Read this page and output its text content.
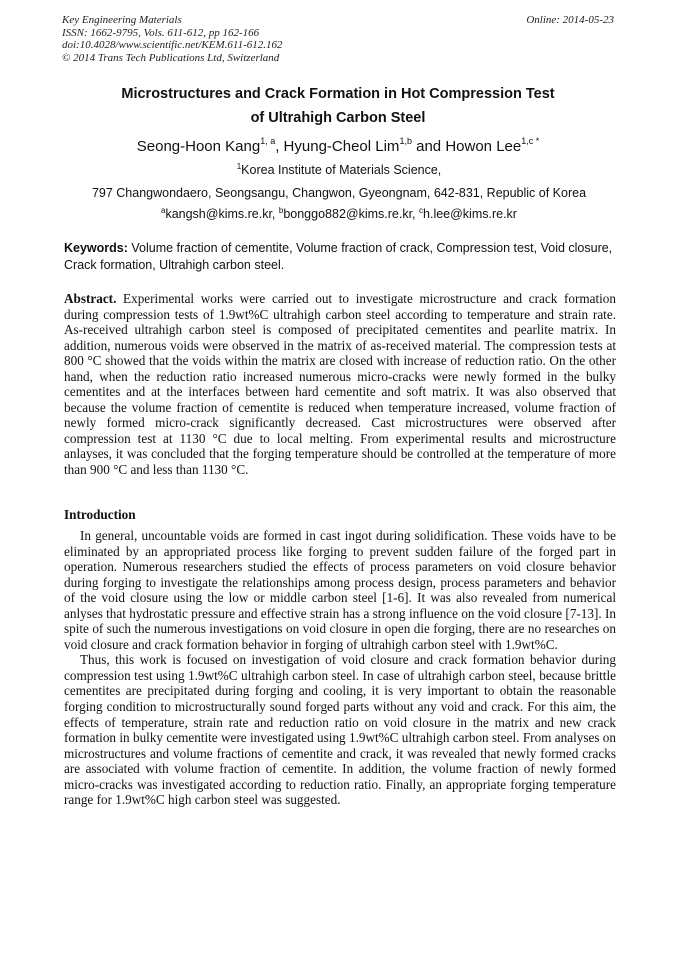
Key Engineering Materials
ISSN: 1662-9795, Vols. 611-612, pp 162-166
doi:10.4028/www.scientific.net/KEM.611-612.162
© 2014 Trans Tech Publications Ltd, Switzerland
Online: 2014-05-23
Microstructures and Crack Formation in Hot Compression Test
of Ultrahigh Carbon Steel
Seong-Hoon Kang$^{1, a}$, Hyung-Cheol Lim$^{1,b}$ and Howon Lee$^{1,c *}$
$^1$Korea Institute of Materials Science,
797 Changwondaero, Seongsangu, Changwon, Gyeongnam, 642-831, Republic of Korea
$^a$kangsh@kims.re.kr, $^b$bonggo882@kims.re.kr, $^c$h.lee@kims.re.kr
Keywords: Volume fraction of cementite, Volume fraction of crack, Compression test, Void closure, Crack formation, Ultrahigh carbon steel.

Abstract. Experimental works were carried out to investigate microstructure and crack formation during compression tests of 1.9wt%C ultrahigh carbon steel according to temperature and strain rate. As-received ultrahigh carbon steel is composed of precipitated cementites and pearlite matrix. In addition, numerous voids were observed in the matrix of as-received material. The compression tests at 800 °C showed that the voids within the matrix are closed with increase of reduction ratio. On the other hand, when the reduction ratio increased numerous micro-cracks were newly formed in the bulky cementites and at the interfaces between hard cementite and soft matrix. It was also observed that because the volume fraction of cementite is reduced when temperature increased, volume fraction of newly formed micro-crack significantly decreased. Cast microstructures were observed after compression test at 1130 °C due to local melting. From experimental results and microstructure anlayses, it was concluded that the forging temperature should be controlled at the temperature of more than 900 °C and less than 1130 °C.

Introduction

In general, uncountable voids are formed in cast ingot during solidification. These voids have to be eliminated by an appropriated process like forging to prevent sudden failure of the forged part in operation. Numerous researchers studied the effects of process parameters on void closure behavior during forging to investigate the relationships among process design, process parameters and behavior of the void closure using the low or middle carbon steel [1-6]. It was also revealed from numerical anlyses that hydrostatic pressure and effective strain has a strong influence on the void closure [7-13]. In spite of such the numerous investigations on void closure in open die forging, there are no researches on void closure and crack formation behavior in forging of ultrahigh carbon steel with 1.9wt%C.

Thus, this work is focused on investigation of void closure and crack formation behavior during compression test using 1.9wt%C ultrahigh carbon steel. In case of ultrahigh carbon steel, because brittle cementites are precipitated during forging and cooling, it is very important to obtain the reasonable forging condition to microstructurally sound forged parts without any void and crack. For this aim, the effects of temperature, strain rate and reduction ratio on void closure in the matrix and new crack formation in bulky cementite were investigated using 1.9wt%C ultrahigh carbon steel. From analyses on microstructures and volume fractions of cementite and crack, it was revealed that newly formed cracks are associated with volume fraction of cementite. In addition, the volume fraction of newly formed micro-cracks was investigated according to reduction ratio. Finally, an appropriate forging temperature range for 1.9wt%C high carbon steel was suggested.
